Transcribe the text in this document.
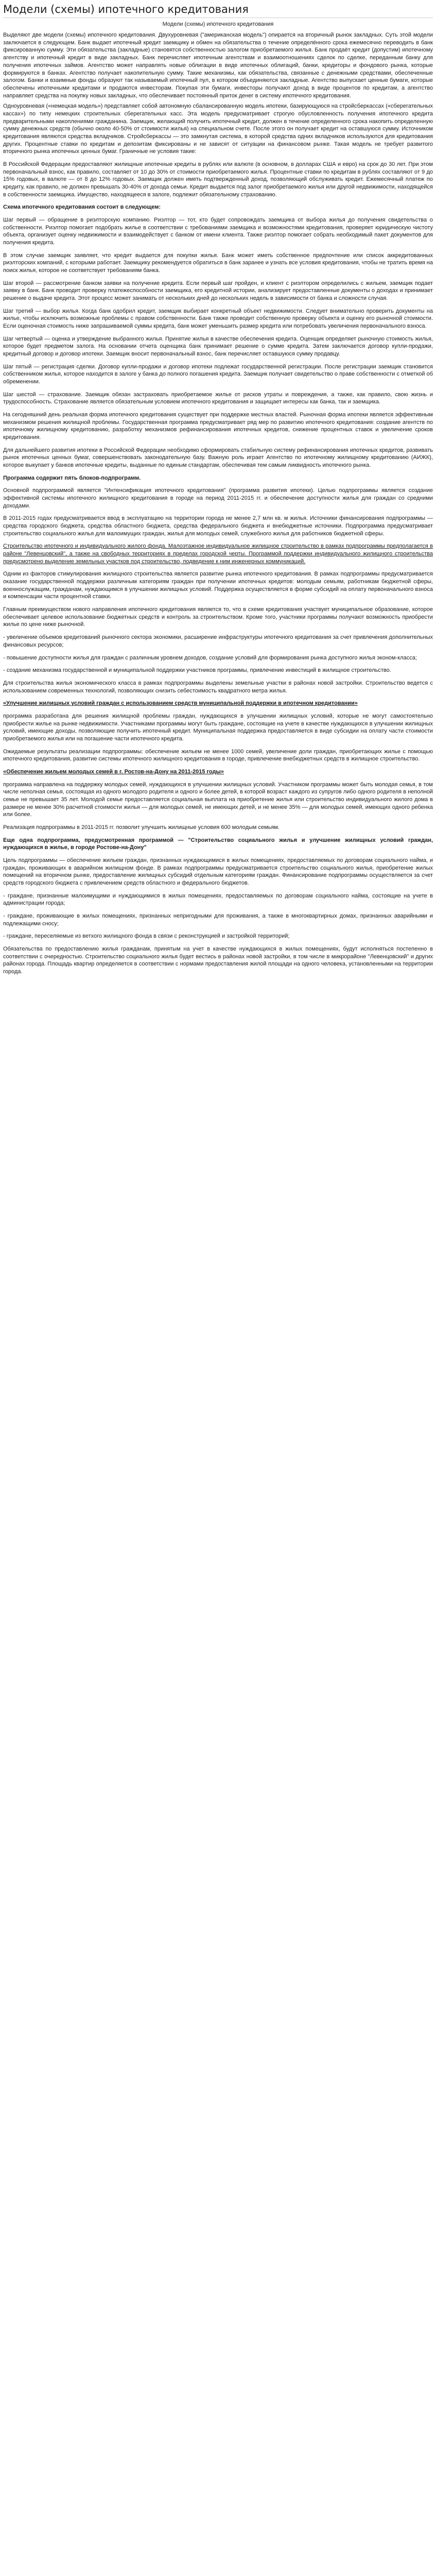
Модели (схемы) ипотечного кредитования
Модели (схемы) ипотечного кредитования

Выделяют две модели (схемы) ипотечного кредитования. Двухуровневая ("американская модель") опирается на вторичный рынок закладных. Суть этой модели заключается в следующем. Банк выдает ипотечный кредит заемщику и обмен на обязательства о течение определённого срока ежемесячно переводить в банк фиксированную сумму. Эти обязательства (закладные) становятся собственностью залогом приобретаемого жилья. Банк продаёт кредит (допустим) ипотечному агентству и ипотечный кредит в виде закладных. Банк перечисляет ипотечным агентствам и взаимоотношениях сделок по сделке, переданным банку для получения ипотечных займов. Агентство может направлять новые облигации в виде ипотечных облигаций, банки, кредиторы и фондового рынка, которые формируются в банках. Агентство получает накопительную сумму. Такие механизмы, как обязательства, связанные с денежными средствами, обеспеченные залогом. Банки и взаимные фонды образуют так называемый ипотечный пул, в котором объединяются закладные. Агентство выпускает ценные бумаги, которые обеспечены ипотечными кредитами и продаются инвесторам. Покупая эти бумаги, инвесторы получают доход в виде процентов по кредитам, а агентство направляет средства на покупку новых закладных, что обеспечивает постоянный приток денег в систему ипотечного кредитования.

Одноуровневая («немецкая модель») представляет собой автономную сбалансированную модель ипотеки, базирующуюся на стройсберкассах («сберегательных кассах») по типу немецких строительных сберегательных касс. Эта модель предусматривает строгую обусловленность получения ипотечного кредита предварительными накоплениями гражданина. Заемщик, желающий получить ипотечный кредит, должен в течение определенного срока накопить определенную сумму денежных средств (обычно около 40-50% от стоимости жилья) на специальном счете. После этого он получает кредит на оставшуюся сумму. Источником кредитования являются средства вкладчиков. Стройсберкассы — это замкнутая система, в которой средства одних вкладчиков используются для кредитования других. Процентные ставки по кредитам и депозитам фиксированы и не зависят от ситуации на финансовом рынке. Такая модель не требует развитого вторичного рынка ипотечных ценных бумаг. Граничные не условия такие:

В Российской Федерации предоставляют жилищные ипотечные кредиты в рублях или валюте (в основном, в долларах США и евро) на срок до 30 лет. При этом первоначальный взнос, как правило, составляет от 10 до 30% от стоимости приобретаемого жилья. Процентные ставки по кредитам в рублях составляют от 9 до 15% годовых, в валюте — от 8 до 12% годовых. Заемщик должен иметь подтвержденный доход, позволяющий обслуживать кредит. Ежемесячный платеж по кредиту, как правило, не должен превышать 30-40% от дохода семьи. Кредит выдается под залог приобретаемого жилья или другой недвижимости, находящейся в собственности заемщика. Имущество, находящееся в залоге, подлежит обязательному страхованию.

Схема ипотечного кредитования состоит в следующем:

Шаг первый — обращение в риэлторскую компанию. Риэлтор — тот, кто будет сопровождать заемщика от выбора жилья до получения свидетельства о собственности. Риэлтор помогает подобрать жилье в соответствии с требованиями заемщика и возможностями кредитования, проверяет юридическую чистоту объекта, организует оценку недвижимости и взаимодействует с банком от имени клиента. Также риэлтор помогает собрать необходимый пакет документов для получения кредита.

В этом случае заемщик заявляет, что кредит выдается для покупки жилья. Банк может иметь собственное предпочтение или список аккредитованных риэлторских компаний, с которыми работает. Заемщику рекомендуется обратиться в банк заранее и узнать все условия кредитования, чтобы не тратить время на поиск жилья, которое не соответствует требованиям банка.

Шаг второй — рассмотрение банком заявки на получение кредита. Если первый шаг пройден, и клиент с риэлтором определились с жильем, заемщик подает заявку в банк. Банк проводит проверку платежеспособности заемщика, его кредитной истории, анализирует предоставленные документы о доходах и принимает решение о выдаче кредита. Этот процесс может занимать от нескольких дней до нескольких недель в зависимости от банка и сложности случая.

Шаг третий — выбор жилья. Когда банк одобрил кредит, заемщик выбирает конкретный объект недвижимости. Следует внимательно проверить документы на жилье, чтобы исключить возможные проблемы с правом собственности. Банк также проводит собственную проверку объекта и оценку его рыночной стоимости. Если оценочная стоимость ниже запрашиваемой суммы кредита, банк может уменьшить размер кредита или потребовать увеличения первоначального взноса.

Шаг четвертый — оценка и утверждение выбранного жилья. Принятие жилья в качестве обеспечения кредита. Оценщик определяет рыночную стоимость жилья, которое будет предметом залога. На основании отчета оценщика банк принимает решение о сумме кредита. Затем заключается договор купли-продажи, кредитный договор и договор ипотеки. Заемщик вносит первоначальный взнос, банк перечисляет оставшуюся сумму продавцу.

Шаг пятый — регистрация сделки. Договор купли-продажи и договор ипотеки подлежат государственной регистрации. После регистрации заемщик становится собственником жилья, которое находится в залоге у банка до полного погашения кредита. Заемщик получает свидетельство о праве собственности с отметкой об обременении.

Шаг шестой — страхование. Заемщик обязан застраховать приобретаемое жилье от рисков утраты и повреждения, а также, как правило, свою жизнь и трудоспособность. Страхование является обязательным условием ипотечного кредитования и защищает интересы как банка, так и заемщика.

На сегодняшний день реальная форма ипотечного кредитования существует при поддержке местных властей. Рыночная форма ипотеки является эффективным механизмом решения жилищной проблемы. Государственная программа предусматривает ряд мер по развитию ипотечного кредитования: создание агентств по ипотечному жилищному кредитованию, разработку механизмов рефинансирования ипотечных кредитов, снижение процентных ставок и увеличение сроков кредитования.

Для дальнейшего развития ипотеки в Российской Федерации необходимо сформировать стабильную систему рефинансирования ипотечных кредитов, развивать рынок ипотечных ценных бумаг, совершенствовать законодательную базу. Важную роль играет Агентство по ипотечному жилищному кредитованию (АИЖК), которое выкупает у банков ипотечные кредиты, выданные по единым стандартам, обеспечивая тем самым ликвидность ипотечного рынка.

Программа содержит пять блоков-подпрограмм.

Основной подпрограммой является "Интенсификация ипотечного кредитования" (программа развития ипотеки). Целью подпрограммы является создание эффективной системы ипотечного жилищного кредитования в городе на период 2011-2015 гг. и обеспечение доступности жилья для граждан со средними доходами.

В 2011-2015 годах предусматривается ввод в эксплуатацию на территории города не менее 2,7 млн кв. м жилья. Источники финансирования подпрограммы — средства городского бюджета, средства областного бюджета, средства федерального бюджета и внебюджетные источники. Подпрограмма предусматривает строительство социального жилья для малоимущих граждан, жилья для молодых семей, служебного жилья для работников бюджетной сферы.

Строительство ипотечного и индивидуального жилого фонда. Малоэтажное индивидуальное жилищное строительство в рамках подпрограммы предполагается в районе "Левенцовский", а также на свободных территориях в пределах городской черты. Программой поддержки индивидуального жилищного строительства предусмотрено выделение земельных участков под строительство, подведение к ним инженерных коммуникаций.

Одним из факторов стимулирования жилищного строительства является развитие рынка ипотечного кредитования. В рамках подпрограммы предусматривается оказание государственной поддержки различным категориям граждан при получении ипотечных кредитов: молодым семьям, работникам бюджетной сферы, военнослужащим, гражданам, нуждающимся в улучшении жилищных условий. Поддержка осуществляется в форме субсидий на оплату первоначального взноса и компенсации части процентной ставки.

Главным преимуществом нового направления ипотечного кредитования является то, что в схеме кредитования участвует муниципальное образование, которое обеспечивает целевое использование бюджетных средств и контроль за строительством. Кроме того, участники программы получают возможность приобрести жилье по цене ниже рыночной.

- увеличение объемов кредитований рыночного сектора экономики, расширение инфраструктуры ипотечного кредитования за счет привлечения дополнительных финансовых ресурсов;

- повышение доступности жилья для граждан с различным уровнем доходов, создание условий для формирования рынка доступного жилья эконом-класса;

- создание механизма государственной и муниципальной поддержки участников программы, привлечение инвестиций в жилищное строительство.

Для строительства жилья экономического класса в рамках подпрограммы выделены земельные участки в районах новой застройки. Строительство ведется с использованием современных технологий, позволяющих снизить себестоимость квадратного метра жилья.

«Улучшение жилищных условий граждан с использованием средств муниципальной поддержки в ипотечном кредитовании»

программа разработана для решения жилищной проблемы граждан, нуждающихся в улучшении жилищных условий, которые не могут самостоятельно приобрести жилье на рынке недвижимости. Участниками программы могут быть граждане, состоящие на учете в качестве нуждающихся в улучшении жилищных условий, имеющие доходы, позволяющие получить ипотечный кредит. Муниципальная поддержка предоставляется в виде субсидии на оплату части стоимости приобретаемого жилья или на погашение части ипотечного кредита.

Ожидаемые результаты реализации подпрограммы: обеспечение жильем не менее 1000 семей, увеличение доли граждан, приобретающих жилье с помощью ипотечного кредитования, развитие системы ипотечного жилищного кредитования в городе, привлечение внебюджетных средств в жилищное строительство.

«Обеспечение жильем молодых семей в г. Ростов-на-Дону на 2011-2015 годы»

программа направлена на поддержку молодых семей, нуждающихся в улучшении жилищных условий. Участником программы может быть молодая семья, в том числе неполная семья, состоящая из одного молодого родителя и одного и более детей, в которой возраст каждого из супругов либо одного родителя в неполной семье не превышает 35 лет. Молодой семье предоставляется социальная выплата на приобретение жилья или строительство индивидуального жилого дома в размере не менее 30% расчетной стоимости жилья — для молодых семей, не имеющих детей, и не менее 35% — для молодых семей, имеющих одного ребенка или более.

Реализация подпрограммы в 2011-2015 гг. позволит улучшить жилищные условия 600 молодым семьям.

Еще одна подпрограмма, предусмотренная программой — "Строительство социального жилья и улучшение жилищных условий граждан, нуждающихся в жилье, в городе Ростове-на-Дону"

Цель подпрограммы — обеспечение жильем граждан, признанных нуждающимися в жилых помещениях, предоставляемых по договорам социального найма, и граждан, проживающих в аварийном жилищном фонде. В рамках подпрограммы предусматривается строительство социального жилья, приобретение жилых помещений на вторичном рынке, предоставление жилищных субсидий отдельным категориям граждан. Финансирование подпрограммы осуществляется за счет средств городского бюджета с привлечением средств областного и федерального бюджетов.

- граждане, признанные малоимущими и нуждающимися в жилых помещениях, предоставляемых по договорам социального найма, состоящие на учете в администрации города;

- граждане, проживающие в жилых помещениях, признанных непригодными для проживания, а также в многоквартирных домах, признанных аварийными и подлежащими сносу;

- граждане, переселяемые из ветхого жилищного фонда в связи с реконструкцией и застройкой территорий;

Обязательства по предоставлению жилья гражданам, принятым на учет в качестве нуждающихся в жилых помещениях, будут исполняться постепенно в соответствии с очередностью. Строительство социального жилья будет вестись в районах новой застройки, в том числе в микрорайоне "Левенцовский" и других районах города. Площадь квартир определяется в соответствии с нормами предоставления жилой площади на одного человека, установленными на территории города.
